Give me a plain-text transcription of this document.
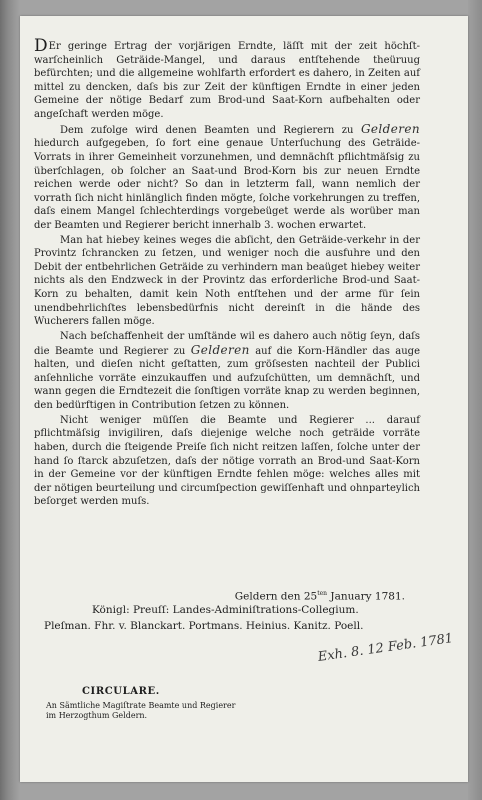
DEr geringe Ertrag der vorjärigen Erndte, läſſt mit der zeit höchſt-warſcheinlich Geträide-Mangel, und daraus entſtehende theüruug befürchten; und die allgemeine wohlfarth erfordert es dahero, in Zeiten auf mittel zu dencken, daſs bis zur Zeit der künftigen Erndte in einer jeden Gemeine der nötige Bedarf zum Brod-und Saat-Korn aufbehalten oder angeſchaft werden möge.

Dem zufolge wird denen Beamten und Regierern zu Gelderen hiedurch aufgegeben, ſo fort eine genaue Unterſuchung des Geträide-Vorrats in ihrer Gemeinheit vorzunehmen, und demnächſt pflichtmäſsig zu überſchlagen, ob ſolcher an Saat-und Brod-Korn bis zur neuen Erndte reichen werde oder nicht? So dan in letzterm fall, wann nemlich der vorrath ſich nicht hinlänglich finden mögte, ſolche vorkehrungen zu treffen, daſs einem Mangel ſchlechterdings vorgebeüget werde als worüber man der Beamten und Regierer bericht innerhalb 3. wochen erwartet.

Man hat hiebey keines weges die abſicht, den Geträide-verkehr in der Provintz ſchrancken zu ſetzen, und weniger noch die ausfuhre und den Debit der entbehrlichen Geträide zu verhindern man beaüget hiebey weiter nichts als den Endzweck in der Provintz das erforderliche Brod-und Saat-Korn zu behalten, damit kein Noth entſtehen und der arme für ſein unendbehrlichſtes lebensbedürfnis nicht dereinſt in die hände des Wucherers fallen möge.

Nach beſchaffenheit der umſtände wil es dahero auch nötig ſeyn, daſs die Beamte und Regierer zu Gelderen auf die Korn-Händler das auge halten, und dieſen nicht geſtatten, zum gröſsesten nachteil der Publici anſehnliche vorräte einzukauffen und aufzuſchütten, um demnächſt, und wann gegen die Erndtezeit die ſonſtigen vorräte knap zu werden beginnen, den bedürftigen in Contribution ſetzen zu können.

Nicht weniger müſſen die Beamte und Regierer ... darauf pflichtmäſsig invigiliren, daſs diejenige welche noch geträide vorräte haben, durch die ſteigende Preiſe ſich nicht reitzen laſſen, ſolche unter der hand ſo ſtarck abzuſetzen, daſs der nötige vorrath an Brod-und Saat-Korn in der Gemeine vor der künftigen Erndte fehlen möge: welches alles mit der nötigen beurteilung und circumſpection gewiſſenhaft und ohnparteylich beſorget werden muſs.

Geldern den $25^{ten}$ January 1781.
Königl: Preuſſ: Landes-Adminiſtrations-Collegium.
Pleſman. Fhr. v. Blanckart. Portmans. Heinius. Kanitz. Poell.
Exh. 8. 12 Feb. 1781
CIRCULARE.
An Sämtliche Magiſtrate Beamte und Regierer im Herzogthum Geldern.
